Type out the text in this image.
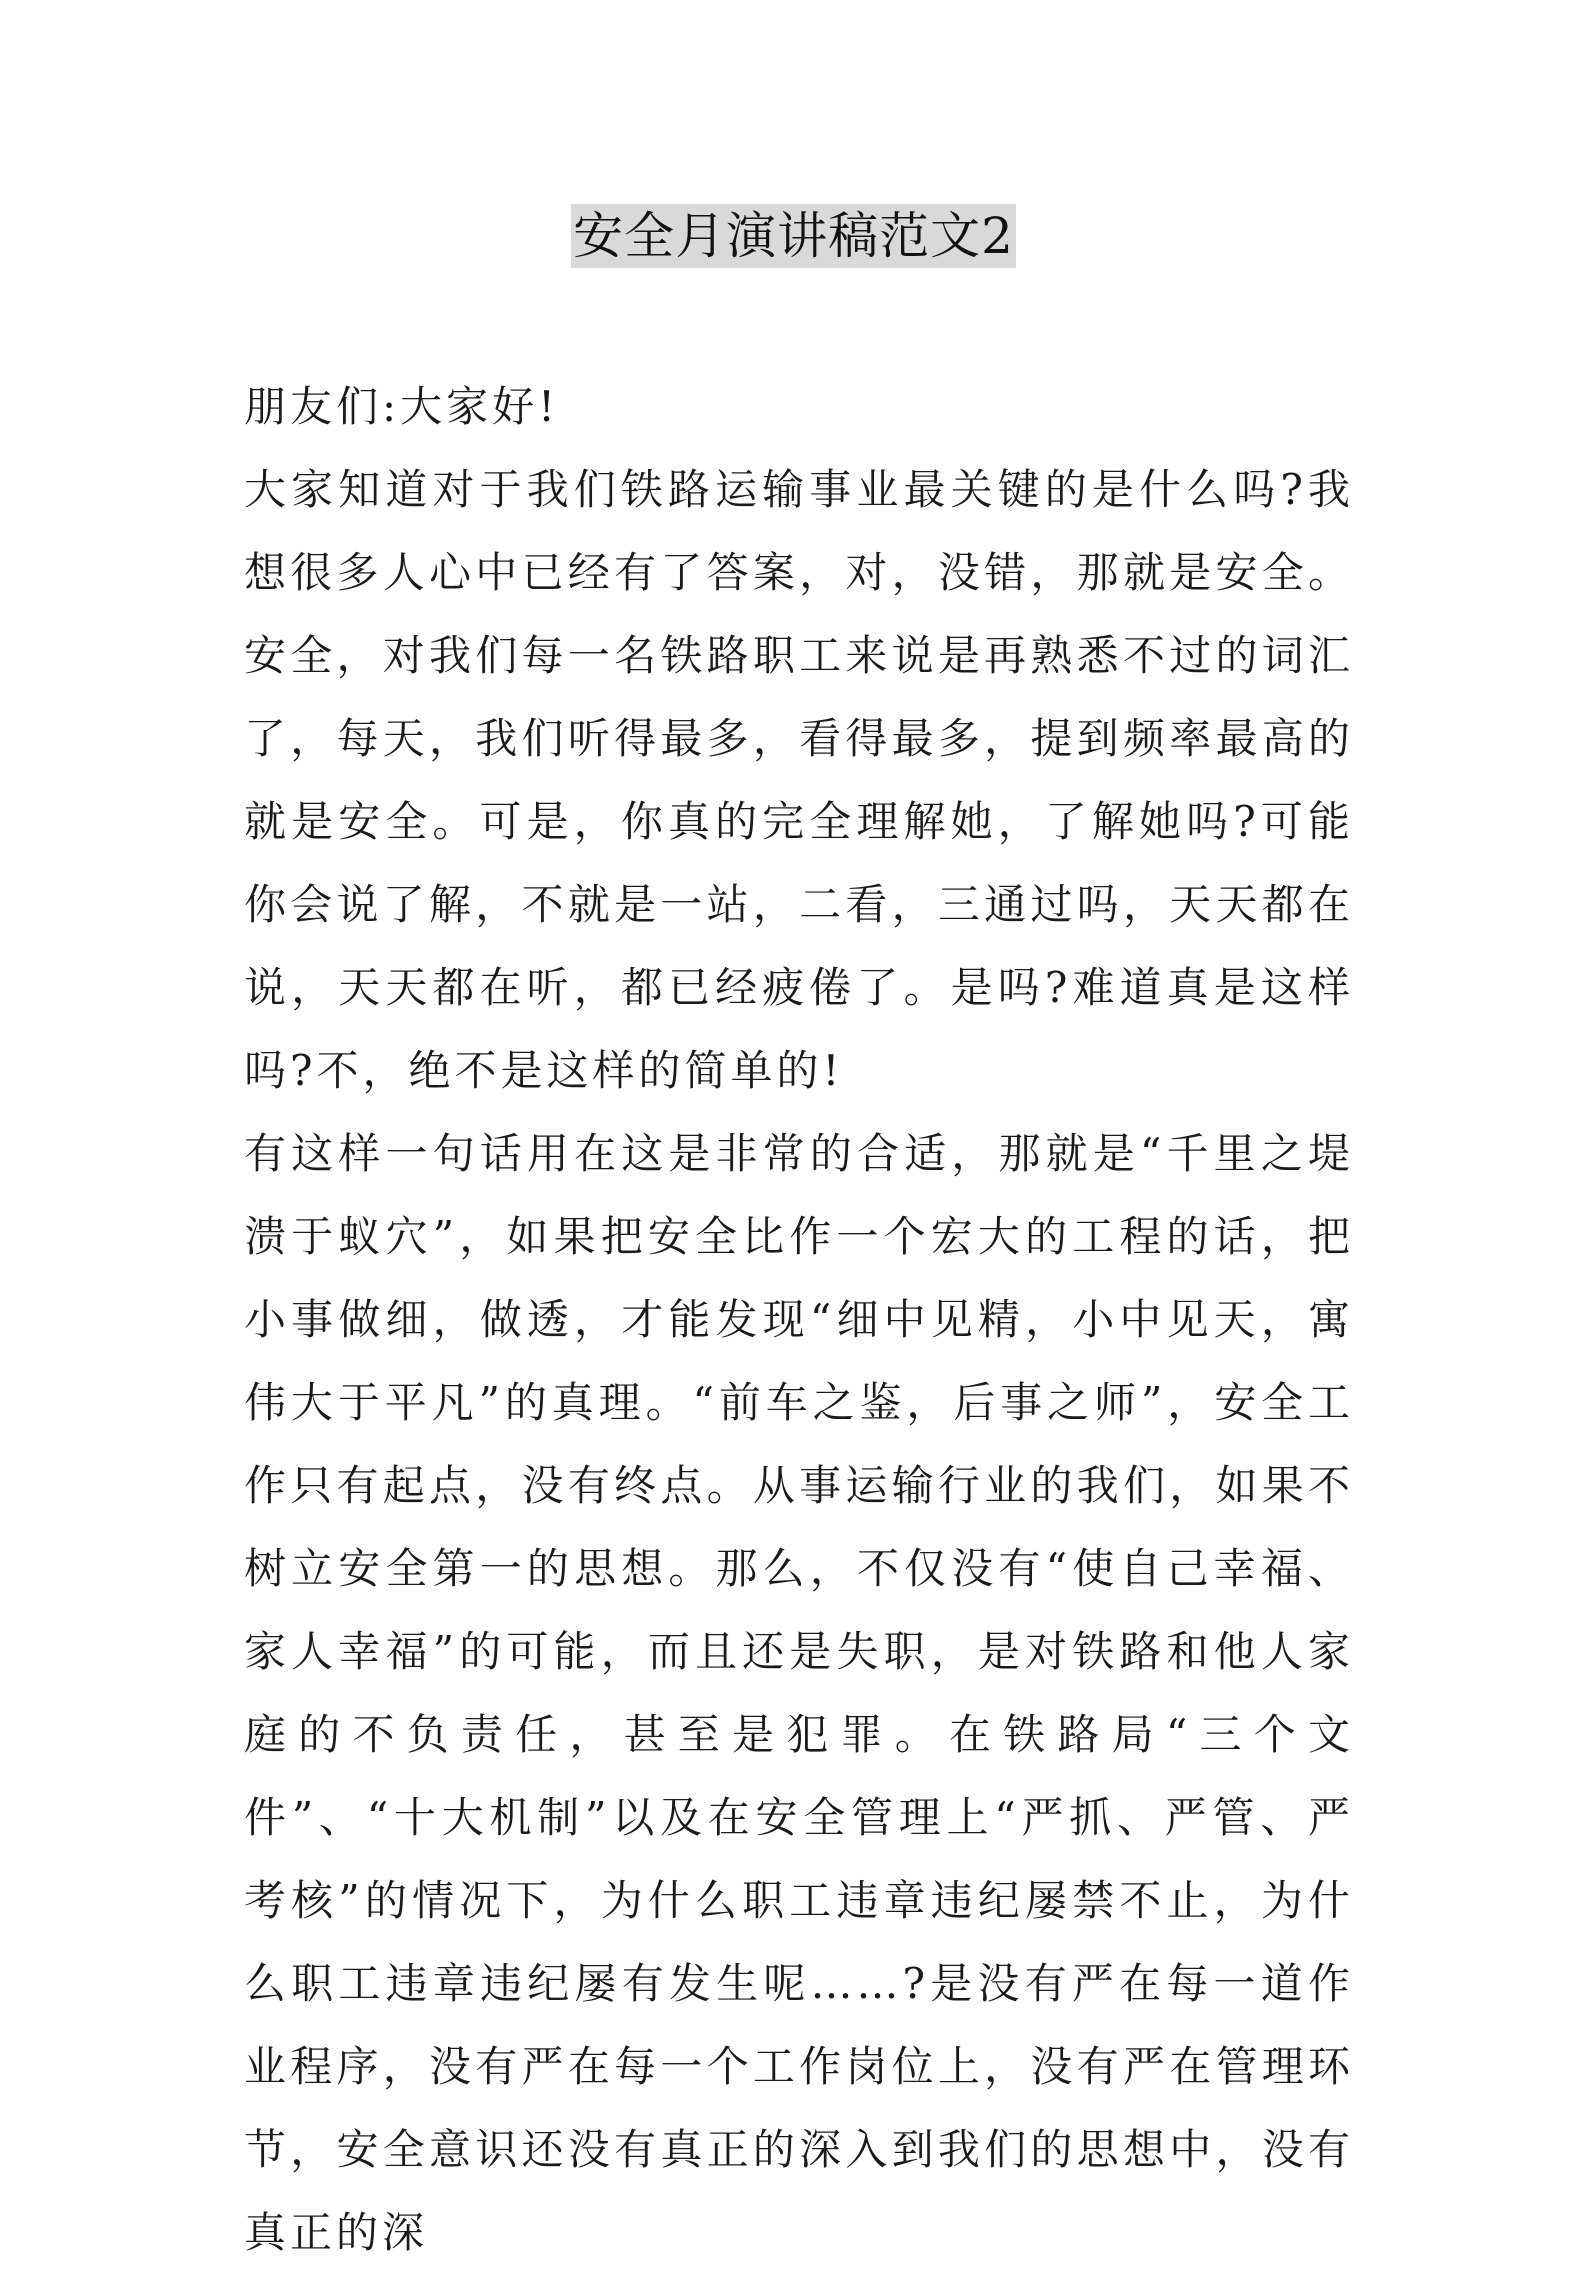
安全月演讲稿范文2

朋友们:大家好!

大家知道对于我们铁路运输事业最关键的是什么吗?我想很多人心中已经有了答案，对，没错，那就是安全。安全，对我们每一名铁路职工来说是再熟悉不过的词汇了，每天，我们听得最多，看得最多，提到频率最高的就是安全。可是，你真的完全理解她，了解她吗?可能你会说了解，不就是一站，二看，三通过吗，天天都在说，天天都在听，都已经疲倦了。是吗?难道真是这样吗?不，绝不是这样的简单的!

有这样一句话用在这是非常的合适，那就是“千里之堤溃于蚁穴”，如果把安全比作一个宏大的工程的话，把小事做细，做透，才能发现“细中见精，小中见天，寓伟大于平凡”的真理。“前车之鉴，后事之师”，安全工作只有起点，没有终点。从事运输行业的我们，如果不树立安全第一的思想。那么，不仅没有“使自己幸福、家人幸福”的可能，而且还是失职，是对铁路和他人家庭的不负责任，甚至是犯罪。在铁路局“三个文件”、“十大机制”以及在安全管理上“严抓、严管、严考核”的情况下，为什么职工违章违纪屡禁不止，为什么职工违章违纪屡有发生呢……?是没有严在每一道作业程序，没有严在每一个工作岗位上，没有严在管理环节，安全意识还没有真正的深入到我们的思想中，没有真正的深
